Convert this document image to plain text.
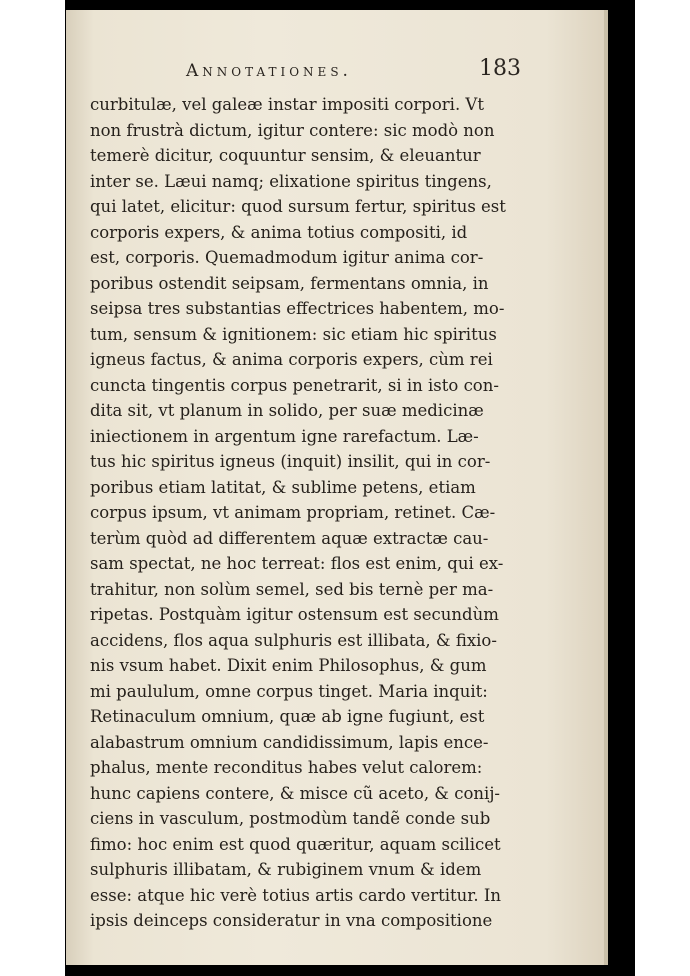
Annotationes.	183
curbitulæ, vel galeæ instar impositi corpori. Vt
non frustrà dictum, igitur contere: sic modò non
temerè dicitur, coquuntur sensim, & eleuantur
inter se. Læui namq; elixatione spiritus tingens,
qui latet, elicitur: quod sursum fertur, spiritus est
corporis expers, & anima totius compositi, id
est, corporis. Quemadmodum igitur anima cor-
poribus ostendit seipsam, fermentans omnia, in
seipsa tres substantias effectrices habentem, mo-
tum, sensum & ignitionem: sic etiam hic spiritus
igneus factus, & anima corporis expers, cùm rei
cuncta tingentis corpus penetrarit, si in isto con-
dita sit, vt planum in solido, per suæ medicinæ
iniectionem in argentum igne rarefactum. Læ-
tus hic spiritus igneus (inquit) insilit, qui in cor-
poribus etiam latitat, & sublime petens, etiam
corpus ipsum, vt animam propriam, retinet. Cæ-
terùm quòd ad differentem aquæ extractæ cau-
sam spectat, ne hoc terreat: flos est enim, qui ex-
trahitur, non solùm semel, sed bis ternè per ma-
ripetas. Postquàm igitur ostensum est secundùm
accidens, flos aqua sulphuris est illibata, & fixio-
nis vsum habet. Dixit enim Philosophus, & gum
mi paululum, omne corpus tinget. Maria inquit:
Retinaculum omnium, quæ ab igne fugiunt, est
alabastrum omnium candidissimum, lapis ence-
phalus, mente reconditus habes velut calorem:
hunc capiens contere, & misce cũ aceto, & conij-
ciens in vasculum, postmodùm tandẽ conde sub
fimo: hoc enim est quod quæritur, aquam scilicet
sulphuris illibatam, & rubiginem vnum & idem
esse: atque hic verè totius artis cardo vertitur. In
ipsis deinceps consideratur in vna compositione
